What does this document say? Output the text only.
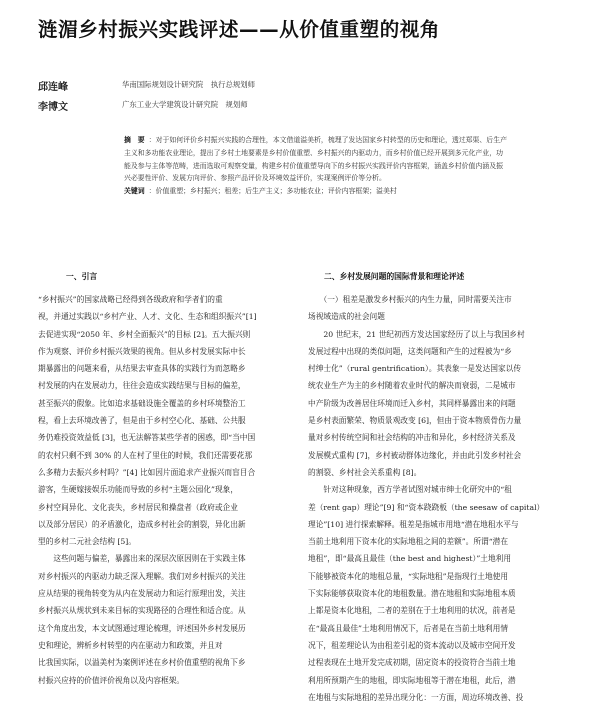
涟湄乡村振兴实践评述——从价值重塑的视角
邱连峰	华南国际规划设计研究院　执行总规划师
李博文	广东工业大学建筑设计研究院　规划师
摘　要 ：对于如何评价乡村振兴实践的合理性，本文借道溢美析，梳理了发达国家乡村转型的历史和理论，透过郑渠、后生产
主义和多功能农业理论，提出了乡村土地要素是乡村价值重塑、乡村振兴的内驱动力，而乡村价值已经开展到多元化产业，功
能及参与主体等范畴，进而选取可观察变量，构建乡村价值重塑导向下的乡村振兴实践评价内容框架，涵盖乡村价值内涵及振
兴必要性评价、发展方向评价、参照产品评价及环境效益评价，实现案例评价等分析。
关键词 ：价值重塑；乡村振兴；租差；后生产主义；多功能农业；评价内容框架；溢美村
一、引言
“乡村振兴”的国家战略已经得到各级政府和学者们的重
视，并通过实践以“乡村产业、人才、文化、生态和组织振兴”[1]
去促进实现“2050 年、乡村全面振兴”的目标 [2]。五大振兴则
作为观察、评价乡村振兴效果的视角。但从乡村发展实际中长
期暴露出的问题来看，从结果去审查具体的实践行为而忽略乡
村发展的内在发展动力，往往会造成实践结果与目标的偏差，
甚至振兴的假象。比如追求基础设施全覆盖的乡村环境整治工
程，看上去环境改善了，但是由于乡村空心化、基础、公共服
务仍难投资效益低 [3]，也无法解答某些学者的困惑，即“当中国
的农村只剩不到 30% 的人在村了里住的时候，我们还需要花那
么多精力去振兴乡村吗？”[4] 比如因片面追求产业振兴而盲目合
游客，生硬嫁接娱乐功能而导致的乡村“主题公园化”现象，
乡村空间异化、文化丧失，乡村居民和操盘者（政府或企业
以及部分居民）的矛盾激化，造成乡村社会的割裂，异化出新
型的乡村二元社会结构 [5]。
　　这些问题与偏差，暴露出来的深层次原因则在于实践主体
对乡村振兴的内驱动力缺乏深入理解。我们对乡村振兴的关注
应从结果的视角转变为从内在发展动力和运行原理出发，关注
乡村振兴从规状到未来目标的实现路径的合理性和适合度。从
这个角度出发，本文试图通过理论梳理，评述国外乡村发展历
史和理论，辨析乡村转型的内在驱动力和政策，并且对
比我国实际，以溢美村为案例评述在乡村价值重塑的视角下乡
村振兴应持的价值评价视角以及内容框架。
二、乡村发展问题的国际背景和理论评述
　　（一）租差是激发乡村振兴的内生力量，同时需要关注市
场视域造成的社会问题
　　20 世纪末，21 世纪初西方发达国家经历了以上与我国乡村
发展过程中出现的类似问题，这类问题和产生的过程被为“乡
村绅士化”（rural gentrification）。其表象一是发达国家以传
统农业生产为主的乡村随着农业时代的解决而衰弱，二是城市
中产阶级为改善居住环境而迁入乡村，其同样暴露出来的问题
是乡村表面繁荣、物质景观改变 [6]，但由于资本物质骨伤力量
量对乡村传统空间和社会结构的冲击和异化，乡村经济关系及
发展模式重构 [7]，乡村被动群体边缘化，并由此引发乡村社会
的割裂、乡村社会关系重构 [8]。
　　针对这种现象，西方学者试图对城市绅士化研究中的“租
差（rent gap）理论”[9] 和“资本跷跷板（the seesaw of capital）
理论”[10] 进行探索解释。租差是指城市用地“潜在地租水平与
当前土地利用下资本化的实际地租之间的差额”。所谓“潜在
地租”，即“最高且最佳（the best and highest）”土地利用
下能够被资本化的地租总量，“实际地租”是指现行土地使用
下实际能够获取资本化的地租数量。潜在地租和实际地租本质
上都是资本化地租，二者的差别在于土地利用的状况，前者是
在“最高且最佳”土地利用情况下，后者是在当前土地利用情
况下，租差理论认为由租差引起的资本流动以及城市空间开发
过程表现在土地开发完成初期，固定资本的投资符合当前土地
利用所预期产生的地租，即实际地租等于潜在地租，此后，潜
在地租与实际地租的差异出现分化：一方面，周边环境改善、投
